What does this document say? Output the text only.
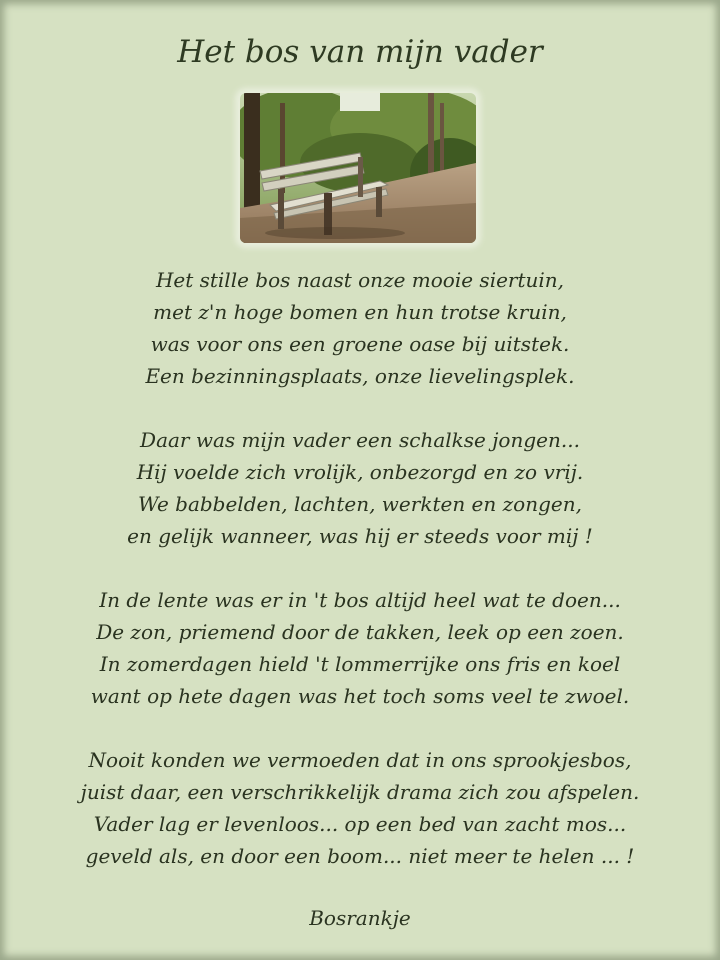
Het bos van mijn vader
Het stille bos naast onze mooie siertuin,
met z'n hoge bomen en hun trotse kruin,
was voor ons een groene oase bij uitstek.
Een bezinningsplaats, onze lievelingsplek.
Daar was mijn vader een schalkse jongen...
Hij voelde zich vrolijk, onbezorgd en zo vrij.
We babbelden, lachten, werkten en zongen,
en gelijk wanneer, was hij er steeds voor mij !
In de lente was er in 't bos altijd heel wat te doen...
De zon, priemend door de takken, leek op een zoen.
In zomerdagen hield 't lommerrijke ons fris en koel
want op hete dagen was het toch soms veel te zwoel.
Nooit konden we vermoeden dat in ons sprookjesbos,
juist daar, een verschrikkelijk drama zich zou afspelen.
Vader lag er levenloos... op een bed van zacht mos...
geveld als, en door een boom... niet meer te helen ... !
Bosrankje
